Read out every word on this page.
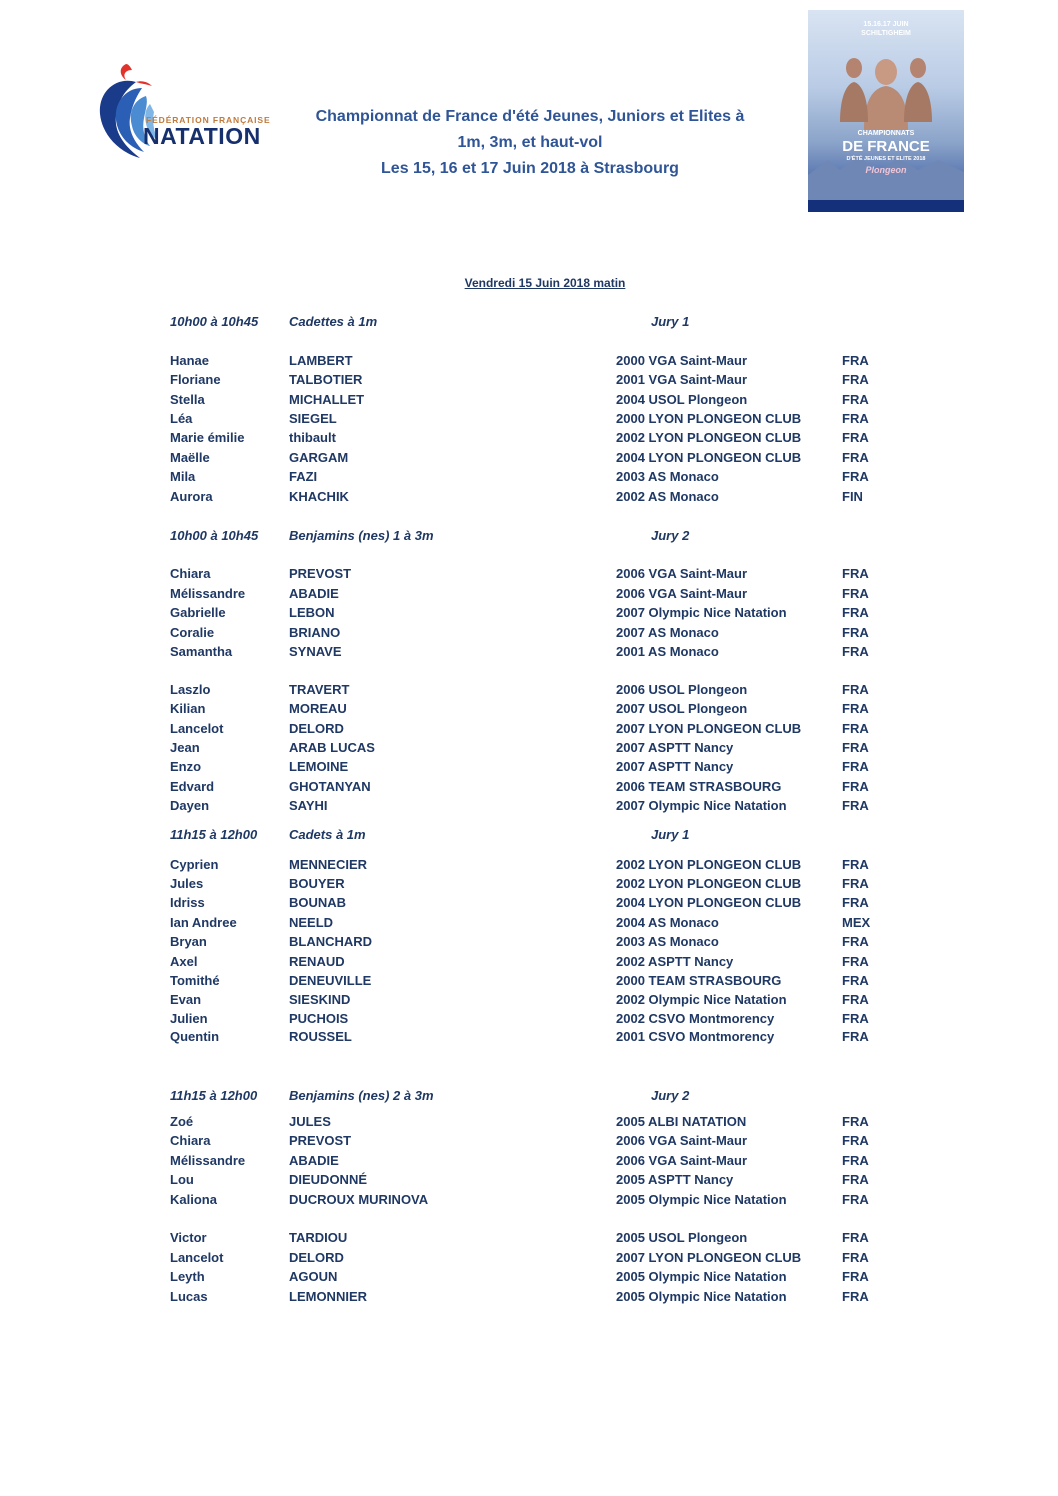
FÉDÉRATION FRANÇAISE
NATATION
Championnat de France d'été Jeunes, Juniors et Elites à
1m, 3m, et haut-vol
Les 15, 16 et 17 Juin 2018 à Strasbourg
15.16.17 JUIN
SCHILTIGHEIM
CHAMPIONNATS
DE FRANCE
D'ÉTÉ JEUNES ET ELITE 2018
Plongeon
Vendredi 15 Juin 2018 matin
10h00 à 10h45 Cadettes à 1m	Jury 1
Hanae	LAMBERT	2000 VGA Saint-Maur	FRA
Floriane	TALBOTIER	2001 VGA Saint-Maur	FRA
Stella	MICHALLET	2004 USOL Plongeon	FRA
Léa	SIEGEL	2000 LYON PLONGEON CLUB	FRA
Marie émilie	thibault	2002 LYON PLONGEON CLUB	FRA
Maëlle	GARGAM	2004 LYON PLONGEON CLUB	FRA
Mila	FAZI	2003 AS Monaco	FRA
Aurora	KHACHIK	2002 AS Monaco	FIN
10h00 à 10h45 Benjamins (nes) 1 à 3m	Jury 2
Chiara	PREVOST	2006 VGA Saint-Maur	FRA
Mélissandre	ABADIE	2006 VGA Saint-Maur	FRA
Gabrielle	LEBON	2007 Olympic Nice Natation	FRA
Coralie	BRIANO	2007 AS Monaco	FRA
Samantha	SYNAVE	2001 AS Monaco	FRA
Laszlo	TRAVERT	2006 USOL Plongeon	FRA
Kilian	MOREAU	2007 USOL Plongeon	FRA
Lancelot	DELORD	2007 LYON PLONGEON CLUB	FRA
Jean	ARAB LUCAS	2007 ASPTT Nancy	FRA
Enzo	LEMOINE	2007 ASPTT Nancy	FRA
Edvard	GHOTANYAN	2006 TEAM STRASBOURG	FRA
Dayen	SAYHI	2007 Olympic Nice Natation	FRA
11h15 à 12h00 Cadets à 1m	Jury 1
Cyprien	MENNECIER	2002 LYON PLONGEON CLUB	FRA
Jules	BOUYER	2002 LYON PLONGEON CLUB	FRA
Idriss	BOUNAB	2004 LYON PLONGEON CLUB	FRA
Ian Andree	NEELD	2004 AS Monaco	MEX
Bryan	BLANCHARD	2003 AS Monaco	FRA
Axel	RENAUD	2002 ASPTT Nancy	FRA
Tomithé	DENEUVILLE	2000 TEAM STRASBOURG	FRA
Evan	SIESKIND	2002 Olympic Nice Natation	FRA
Julien	PUCHOIS	2002 CSVO Montmorency	FRA
Quentin	ROUSSEL	2001 CSVO Montmorency	FRA
11h15 à 12h00 Benjamins (nes) 2 à 3m	Jury 2
Zoé	JULES	2005 ALBI NATATION	FRA
Chiara	PREVOST	2006 VGA Saint-Maur	FRA
Mélissandre	ABADIE	2006 VGA Saint-Maur	FRA
Lou	DIEUDONNÉ	2005 ASPTT Nancy	FRA
Kaliona	DUCROUX MURINOVA	2005 Olympic Nice Natation	FRA
Victor	TARDIOU	2005 USOL Plongeon	FRA
Lancelot	DELORD	2007 LYON PLONGEON CLUB	FRA
Leyth	AGOUN	2005 Olympic Nice Natation	FRA
Lucas	LEMONNIER	2005 Olympic Nice Natation	FRA
